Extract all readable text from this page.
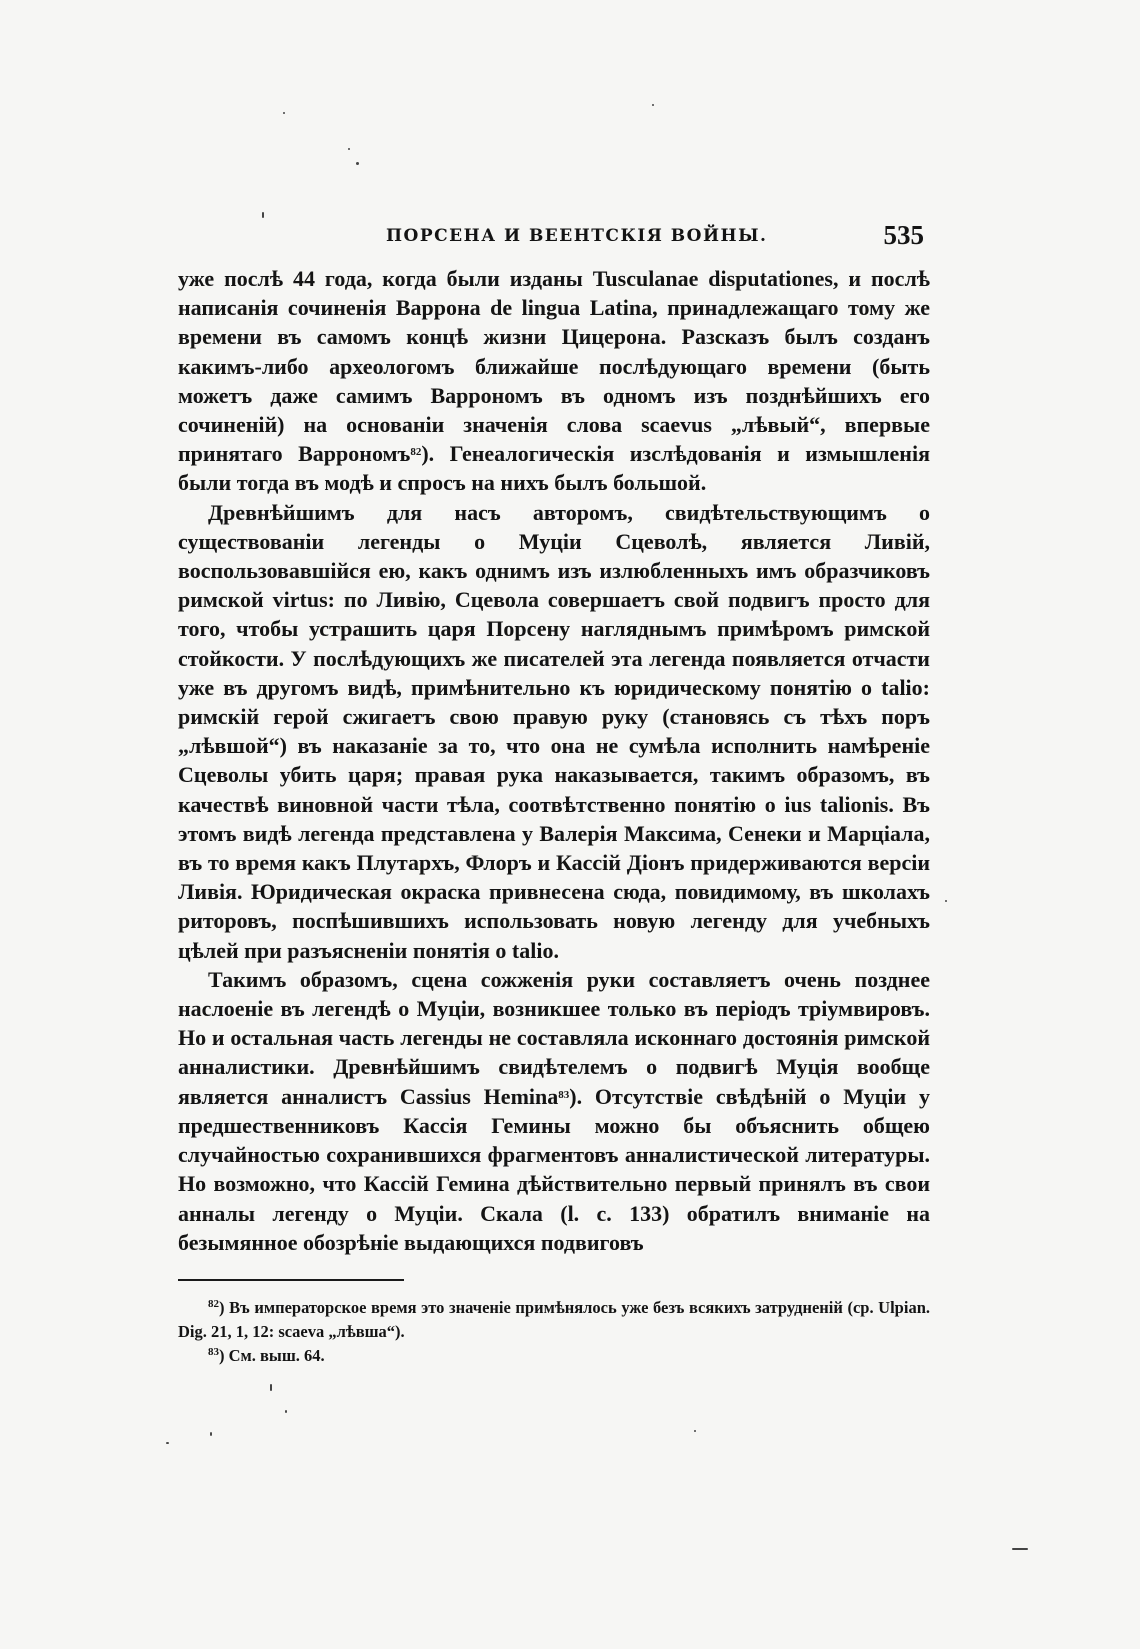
ПОРСЕНА И ВЕЕНТСКІЯ ВОЙНЫ.	535

уже послѣ 44 года, когда были изданы Tusculanae disputationes, и послѣ написанія сочиненія Варрона de lingua Latina, принадлежащаго тому же времени въ самомъ концѣ жизни Цицерона. Разсказъ былъ созданъ какимъ-либо археологомъ ближайше послѣдующаго времени (быть можетъ даже самимъ Варрономъ въ одномъ изъ позднѣйшихъ его сочиненій) на основаніи значенія слова scaevus „лѣвый“, впервые принятаго Варрономъ$^{82}$). Генеалогическія изслѣдованія и измышленія были тогда въ модѣ и спросъ на нихъ былъ большой.

Древнѣйшимъ для насъ авторомъ, свидѣтельствующимъ о существованіи легенды о Муціи Сцеволѣ, является Ливій, воспользовавшійся ею, какъ однимъ изъ излюбленныхъ имъ образчиковъ римской virtus: по Ливію, Сцевола совершаетъ свой подвигъ просто для того, чтобы устрашить царя Порсену нагляднымъ примѣромъ римской стойкости. У послѣдующихъ же писателей эта легенда появляется отчасти уже въ другомъ видѣ, примѣнительно къ юридическому понятію о talio: римскій герой сжигаетъ свою правую руку (становясь съ тѣхъ поръ „лѣвшой“) въ наказаніе за то, что она не сумѣла исполнить намѣреніе Сцеволы убить царя; правая рука наказывается, такимъ образомъ, въ качествѣ виновной части тѣла, соотвѣтственно понятію о ius talionis. Въ этомъ видѣ легенда представлена у Валерія Максима, Сенеки и Марціала, въ то время какъ Плутархъ, Флоръ и Кассій Діонъ придерживаются версіи Ливія. Юридическая окраска привнесена сюда, повидимому, въ школахъ риторовъ, поспѣшившихъ использовать новую легенду для учебныхъ цѣлей при разъясненіи понятія о talio.

Такимъ образомъ, сцена сожженія руки составляетъ очень позднее наслоеніе въ легендѣ о Муціи, возникшее только въ періодъ тріумвировъ. Но и остальная часть легенды не составляла исконнаго достоянія римской анналистики. Древнѣйшимъ свидѣтелемъ о подвигѣ Муція вообще является анналистъ Cassius Hemina$^{83}$). Отсутствіе свѣдѣній о Муціи у предшественниковъ Кассія Гемины можно бы объяснить общею случайностью сохранившихся фрагментовъ анналистической литературы. Но возможно, что Кассій Гемина дѣйствительно первый принялъ въ свои анналы легенду о Муціи. Скала (l. c. 133) обратилъ вниманіе на безымянное обозрѣніе выдающихся подвиговъ

$^{82}$) Въ императорское время это значеніе примѣнялось уже безъ всякихъ затрудненій (ср. Ulpian. Dig. 21, 1, 12: scaeva „лѣвша“).

$^{83}$) См. выш. 64.
